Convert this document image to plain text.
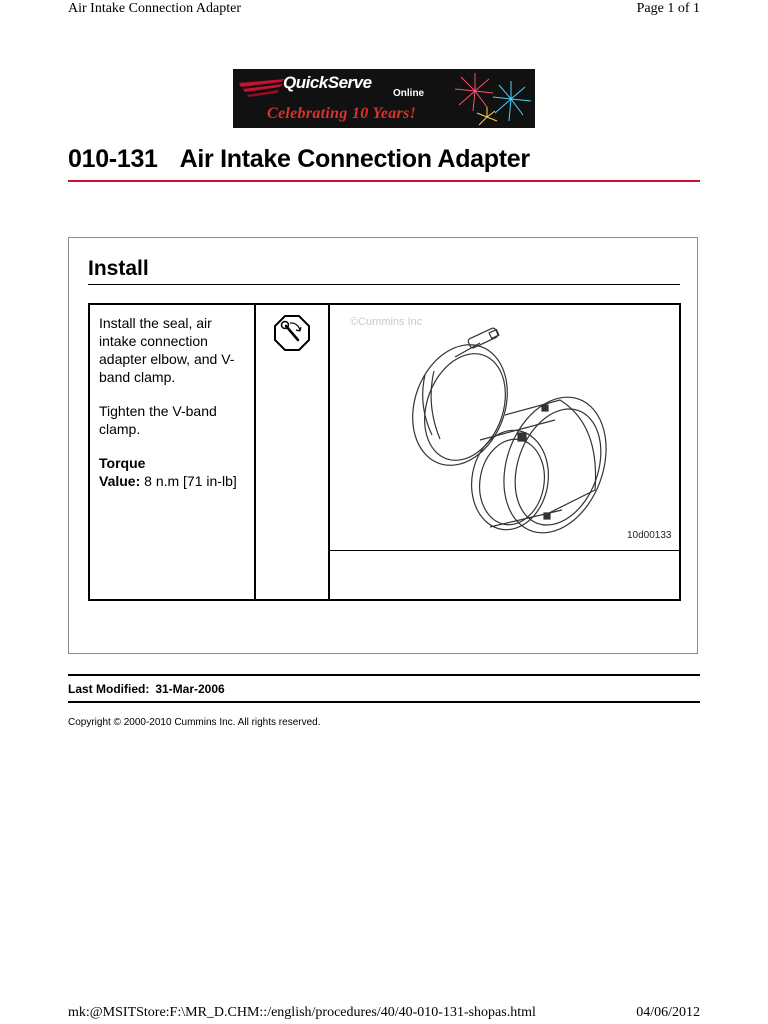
Air Intake Connection Adapter	Page 1 of 1
QuickServe
Online
Celebrating 10 Years!
010-131 Air Intake Connection Adapter
Install

Install the seal, air intake connection adapter elbow, and V-band clamp.

Tighten the V-band clamp.

Torque
Value: 8 n.m [71 in-lb]

©Cummins Inc
10d00133
Last Modified: 31-Mar-2006
Copyright © 2000-2010 Cummins Inc. All rights reserved.
mk:@MSITStore:F:\MR_D.CHM::/english/procedures/40/40-010-131-shopas.html	04/06/2012
